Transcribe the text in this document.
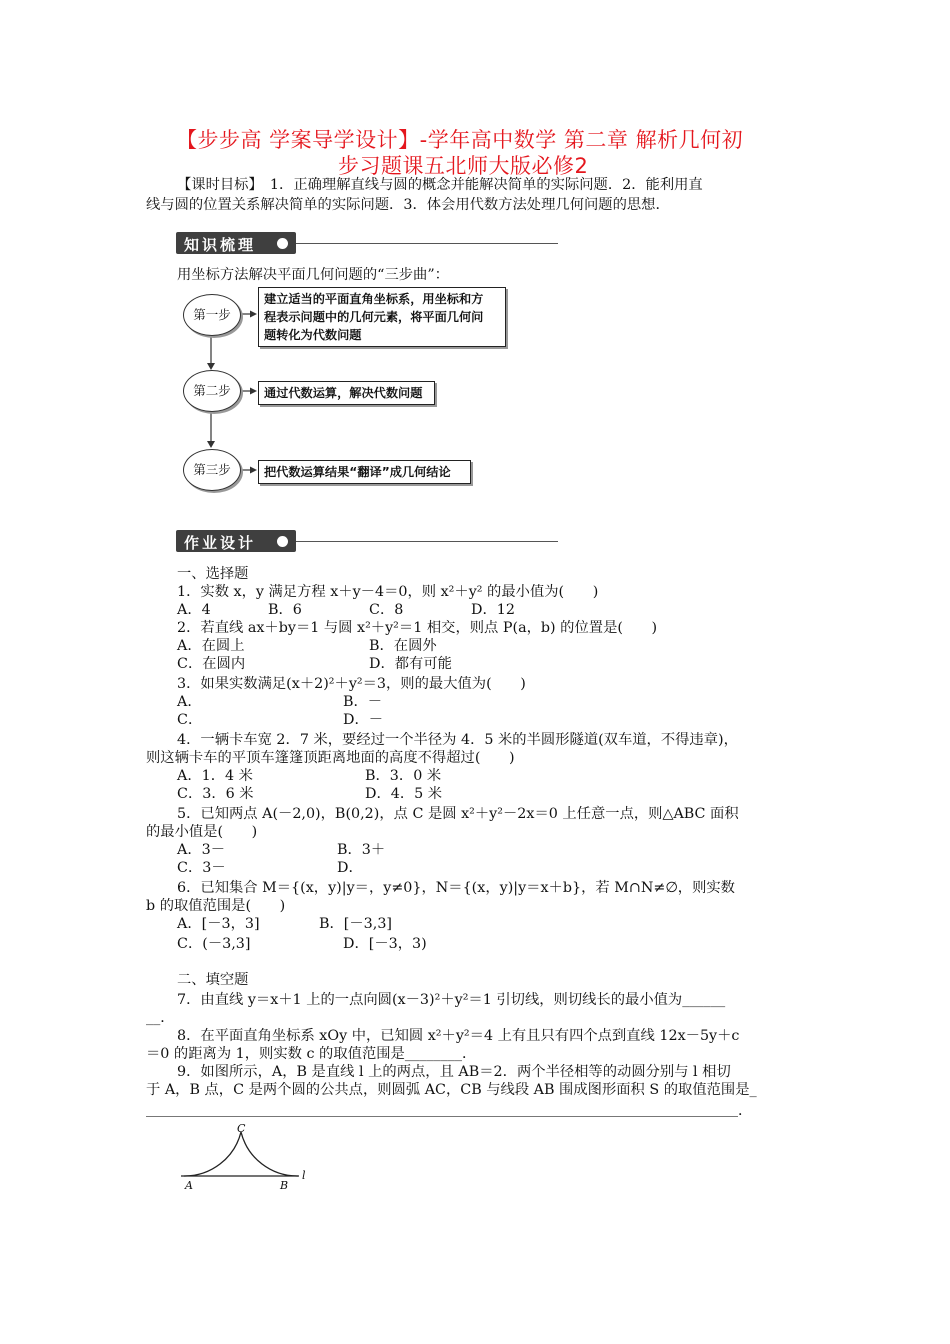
【步步高 学案导学设计】-学年高中数学 第二章 解析几何初
步习题课五北师大版必修2
【课时目标】　1．正确理解直线与圆的概念并能解决简单的实际问题．2．能利用直
线与圆的位置关系解决简单的实际问题．3．体会用代数方法处理几何问题的思想．
知识梳理
用坐标方法解决平面几何问题的“三步曲”：
第一步
建立适当的平面直角坐标系，用坐标和方
程表示问题中的几何元素，将平面几何问
题转化为代数问题
第二步	通过代数运算，解决代数问题
第三步	把代数运算结果“翻译”成几何结论
作业设计
一、选择题
1．实数 x，y 满足方程 x＋y－4＝0，则 x²＋y² 的最小值为(　　)
A．4	B．6	C．8	D．12
2．若直线 ax＋by＝1 与圆 x²＋y²＝1 相交，则点 P(a，b) 的位置是(　　)
A．在圆上	B．在圆外
C．在圆内	D．都有可能
3．如果实数满足(x＋2)²＋y²＝3，则的最大值为(　　)
A．	B．－
C．	D．－
4．一辆卡车宽 2．7 米，要经过一个半径为 4．5 米的半圆形隧道(双车道，不得违章)，
则这辆卡车的平顶车篷篷顶距离地面的高度不得超过(　　)
A．1．4 米	B．3．0 米
C．3．6 米	D．4．5 米
5．已知两点 A(－2,0)，B(0,2)，点 C 是圆 x²＋y²－2x＝0 上任意一点，则△ABC 面积
的最小值是(　　)
A．3－	B．3＋
C．3－	D．
6．已知集合 M＝{(x，y)|y＝，y≠0}，N＝{(x，y)|y＝x＋b}，若 M∩N≠∅，则实数
b 的取值范围是(　　)
A．[－3，3]	B．[－3,3]
C．(－3,3]	D．[－3，3)
二、填空题
7．由直线 y＝x＋1 上的一点向圆(x－3)²＋y²＝1 引切线，则切线长的最小值为______
__．
8．在平面直角坐标系 xOy 中，已知圆 x²＋y²＝4 上有且只有四个点到直线 12x－5y＋c
＝0 的距离为 1，则实数 c 的取值范围是________．
9．如图所示，A，B 是直线 l 上的两点，且 AB＝2．两个半径相等的动圆分别与 l 相切
于 A，B 点，C 是两个圆的公共点，则圆弧 AC，CB 与线段 AB 围成图形面积 S 的取值范围是_
．
C
A	B
l
